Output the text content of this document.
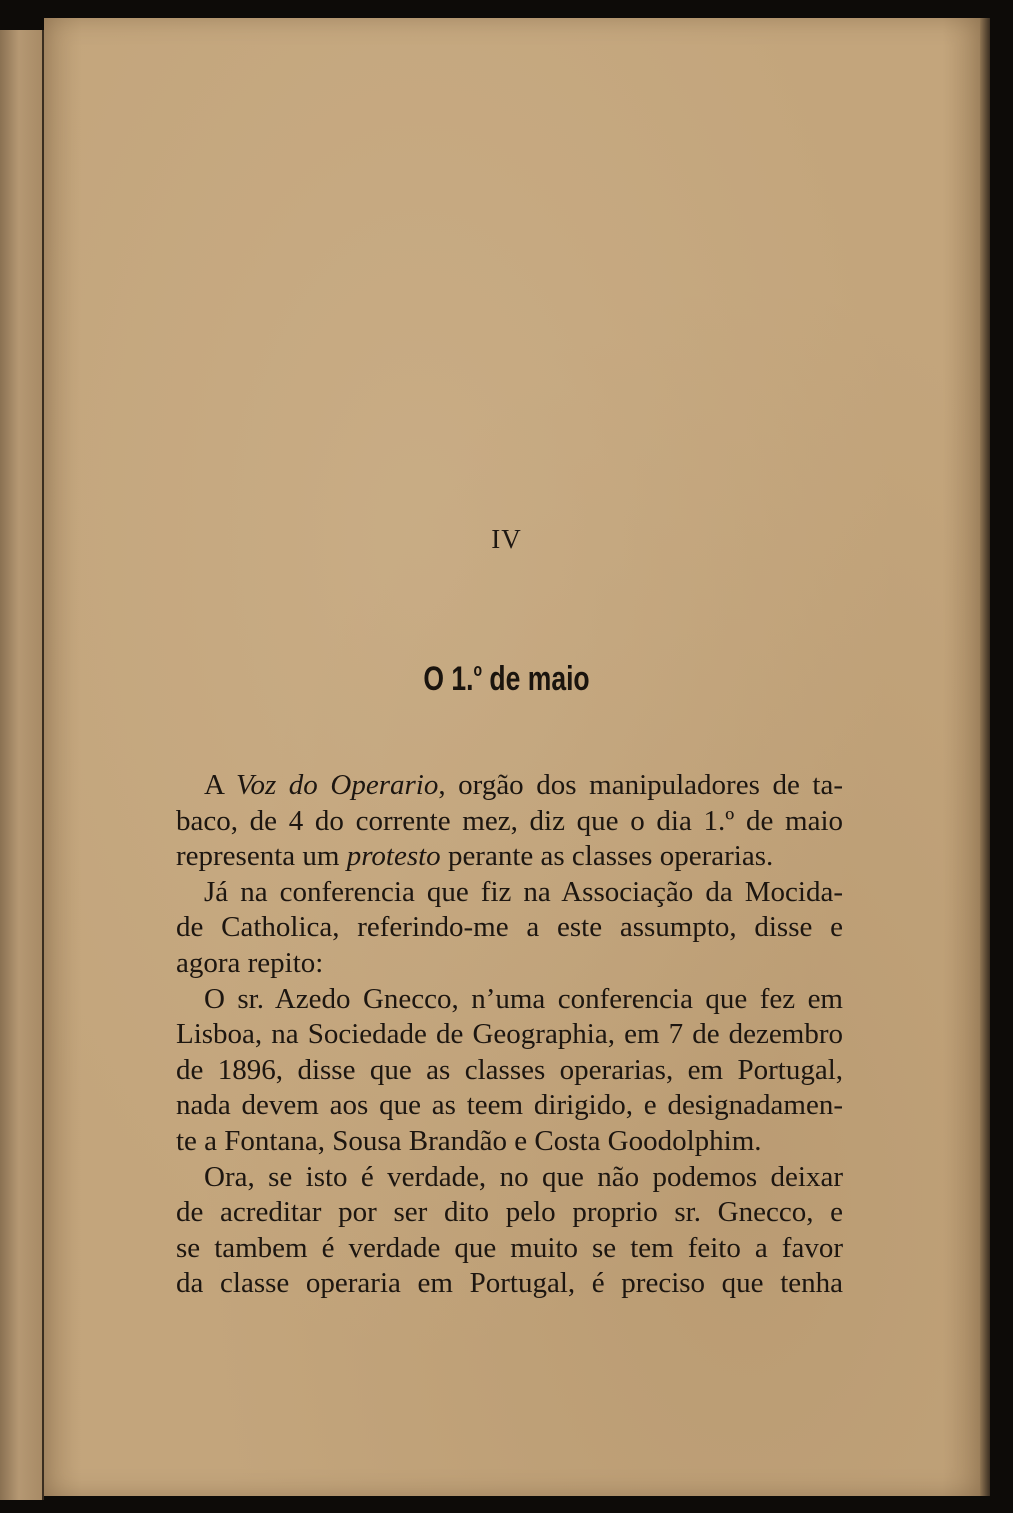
IV
O 1.$^o$ de maio
A Voz do Operario, orgão dos manipuladores de ta-
baco, de 4 do corrente mez, diz que o dia 1.º de maio
representa um protesto perante as classes operarias.
Já na conferencia que fiz na Associação da Mocida-
de Catholica, referindo-me a este assumpto, disse e
agora repito:
O sr. Azedo Gnecco, n’uma conferencia que fez em
Lisboa, na Sociedade de Geographia, em 7 de dezembro
de 1896, disse que as classes operarias, em Portugal,
nada devem aos que as teem dirigido, e designadamen-
te a Fontana, Sousa Brandão e Costa Goodolphim.
Ora, se isto é verdade, no que não podemos deixar
de acreditar por ser dito pelo proprio sr. Gnecco, e
se tambem é verdade que muito se tem feito a favor
da classe operaria em Portugal, é preciso que tenha
